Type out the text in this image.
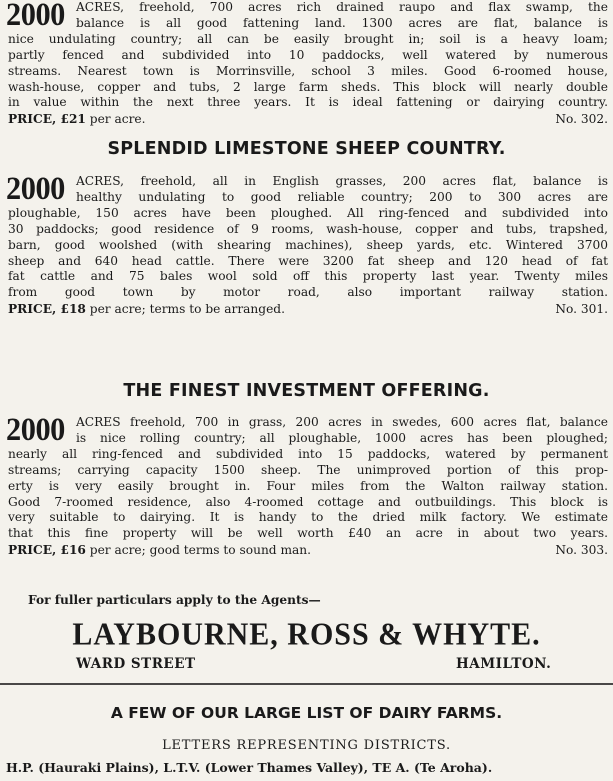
2000 ACRES, freehold, 700 acres rich drained raupo and flax swamp, the
balance is all good fattening land. 1300 acres are flat, balance is
nice undulating country; all can be easily brought in; soil is a heavy loam;
partly fenced and subdivided into 10 paddocks, well watered by numerous
streams. Nearest town is Morrinsville, school 3 miles. Good 6-roomed house,
wash-house, copper and tubs, 2 large farm sheds. This block will nearly double
in value within the next three years. It is ideal fattening or dairying country.
PRICE, £21 per acre.	No. 302.
SPLENDID LIMESTONE SHEEP COUNTRY.
2000 ACRES, freehold, all in English grasses, 200 acres flat, balance is
healthy undulating to good reliable country; 200 to 300 acres are
ploughable, 150 acres have been ploughed. All ring-fenced and subdivided into
30 paddocks; good residence of 9 rooms, wash-house, copper and tubs, trapshed,
barn, good woolshed (with shearing machines), sheep yards, etc. Wintered 3700
sheep and 640 head cattle. There were 3200 fat sheep and 120 head of fat
fat cattle and 75 bales wool sold off this property last year. Twenty miles
from good town by motor road, also important railway station.
PRICE, £18 per acre; terms to be arranged.	No. 301.
THE FINEST INVESTMENT OFFERING.
2000 ACRES freehold, 700 in grass, 200 acres in swedes, 600 acres flat, balance
is nice rolling country; all ploughable, 1000 acres has been ploughed;
nearly all ring-fenced and subdivided into 15 paddocks, watered by permanent
streams; carrying capacity 1500 sheep. The unimproved portion of this prop-
erty is very easily brought in. Four miles from the Walton railway station.
Good 7-roomed residence, also 4-roomed cottage and outbuildings. This block is
very suitable to dairying. It is handy to the dried milk factory. We estimate
that this fine property will be well worth £40 an acre in about two years.
PRICE, £16 per acre; good terms to sound man.	No. 303.
For fuller particulars apply to the Agents—
LAYBOURNE, ROSS & WHYTE.
WARD STREET	HAMILTON.
A FEW OF OUR LARGE LIST OF DAIRY FARMS.
LETTERS REPRESENTING DISTRICTS.
H.P. (Hauraki Plains), L.T.V. (Lower Thames Valley), TE A. (Te Aroha).
